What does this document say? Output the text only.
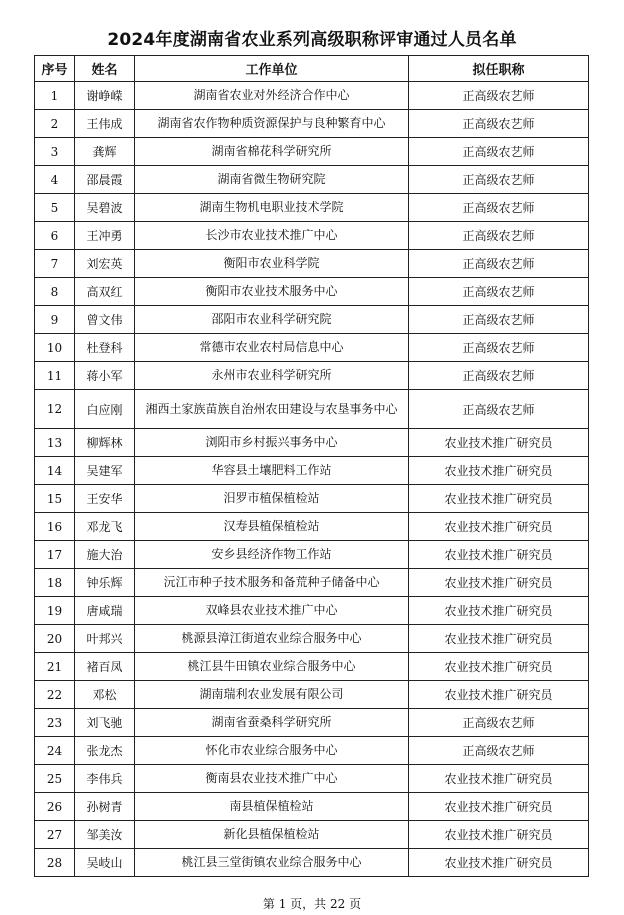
2024年度湖南省农业系列高级职称评审通过人员名单
序号	姓名	工作单位	拟任职称
1	谢峥嵘	湖南省农业对外经济合作中心	正高级农艺师
2	王伟成	湖南省农作物种质资源保护与良种繁育中心	正高级农艺师
3	龚辉	湖南省棉花科学研究所	正高级农艺师
4	邵晨霞	湖南省微生物研究院	正高级农艺师
5	吴碧波	湖南生物机电职业技术学院	正高级农艺师
6	王冲勇	长沙市农业技术推广中心	正高级农艺师
7	刘宏英	衡阳市农业科学院	正高级农艺师
8	高双红	衡阳市农业技术服务中心	正高级农艺师
9	曾文伟	邵阳市农业科学研究院	正高级农艺师
10	杜登科	常德市农业农村局信息中心	正高级农艺师
11	蒋小军	永州市农业科学研究所	正高级农艺师
12	白应刚	湘西土家族苗族自治州农田建设与农垦事务中心	正高级农艺师
13	柳辉林	浏阳市乡村振兴事务中心	农业技术推广研究员
14	吴建军	华容县土壤肥料工作站	农业技术推广研究员
15	王安华	汨罗市植保植检站	农业技术推广研究员
16	邓龙飞	汉寿县植保植检站	农业技术推广研究员
17	施大治	安乡县经济作物工作站	农业技术推广研究员
18	钟乐辉	沅江市种子技术服务和备荒种子储备中心	农业技术推广研究员
19	唐咸瑞	双峰县农业技术推广中心	农业技术推广研究员
20	叶邦兴	桃源县漳江街道农业综合服务中心	农业技术推广研究员
21	褚百凤	桃江县牛田镇农业综合服务中心	农业技术推广研究员
22	邓松	湖南瑞利农业发展有限公司	农业技术推广研究员
23	刘飞驰	湖南省蚕桑科学研究所	正高级农艺师
24	张龙杰	怀化市农业综合服务中心	正高级农艺师
25	李伟兵	衡南县农业技术推广中心	农业技术推广研究员
26	孙树青	南县植保植检站	农业技术推广研究员
27	邹美汝	新化县植保植检站	农业技术推广研究员
28	吴岐山	桃江县三堂街镇农业综合服务中心	农业技术推广研究员
第 1 页，共 22 页
